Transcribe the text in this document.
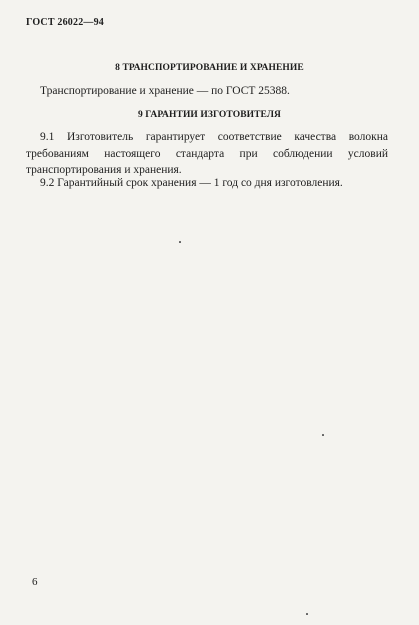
ГОСТ 26022—94
8 ТРАНСПОРТИРОВАНИЕ И ХРАНЕНИЕ
Транспортирование и хранение — по ГОСТ 25388.
9 ГАРАНТИИ ИЗГОТОВИТЕЛЯ
9.1 Изготовитель гарантирует соответствие качества волокна требованиям настоящего стандарта при соблюдении условий транспортирования и хранения.
9.2 Гарантийный срок хранения — 1 год со дня изготовления.
6
